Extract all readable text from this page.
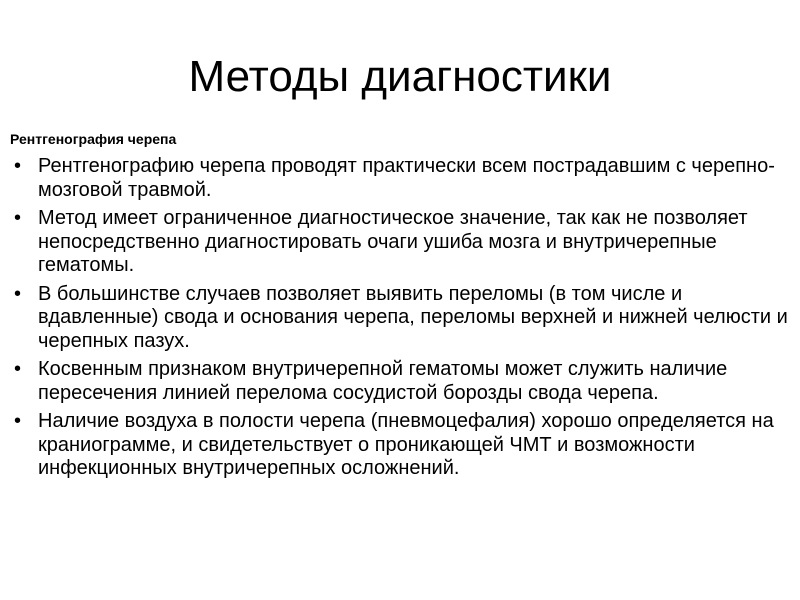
Методы диагностики
Рентгенография черепа
• Рентгенографию черепа проводят практически всем пострадавшим с черепно-мозговой травмой.
• Метод имеет ограниченное диагностическое значение, так как не позволяет непосредственно диагностировать очаги ушиба мозга и внутричерепные гематомы.
• В большинстве случаев позволяет выявить переломы (в том числе и вдавленные) свода и основания черепа, переломы верхней и нижней челюсти и черепных пазух.
• Косвенным признаком внутричерепной гематомы может служить наличие пересечения линией перелома сосудистой борозды свода черепа.
• Наличие воздуха в полости черепа (пневмоцефалия) хорошо определяется на краниограмме, и свидетельствует о проникающей ЧМТ и возможности инфекционных внутричерепных осложнений.
